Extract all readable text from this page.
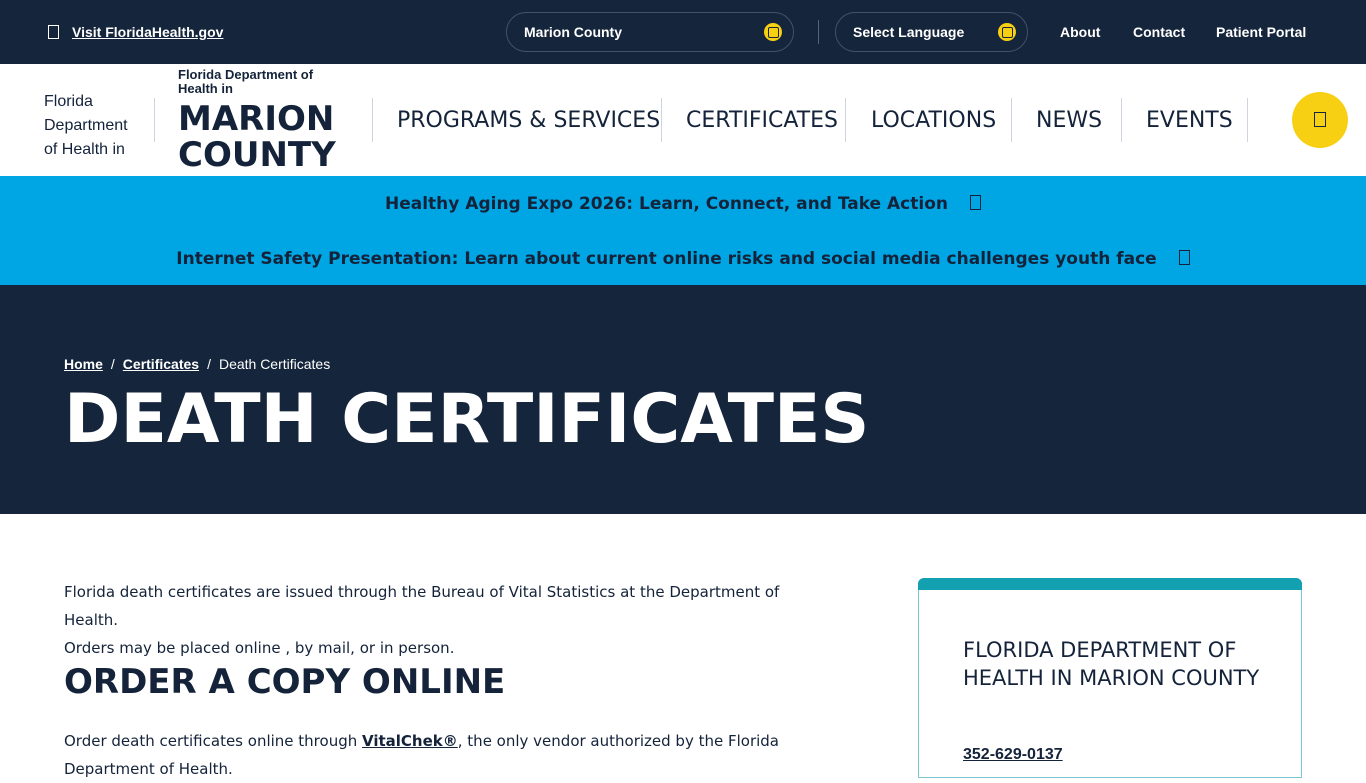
Visit FloridaHealth.gov	Marion County	Select Language	About Contact Patient Portal
Florida Department of Health in
Florida Department of Health in
MARION COUNTY
PROGRAMS & SERVICES CERTIFICATES LOCATIONS NEWS EVENTS
Healthy Aging Expo 2026: Learn, Connect, and Take Action
Internet Safety Presentation: Learn about current online risks and social media challenges youth face
Home / Certificates / Death Certificates
DEATH CERTIFICATES

Florida death certificates are issued through the Bureau of Vital Statistics at the Department of Health.
Orders may be placed online , by mail, or in person.

ORDER A COPY ONLINE

Order death certificates online through VitalChek®, the only vendor authorized by the Florida
Department of Health.

FLORIDA DEPARTMENT OF HEALTH IN MARION COUNTY
352-629-0137
